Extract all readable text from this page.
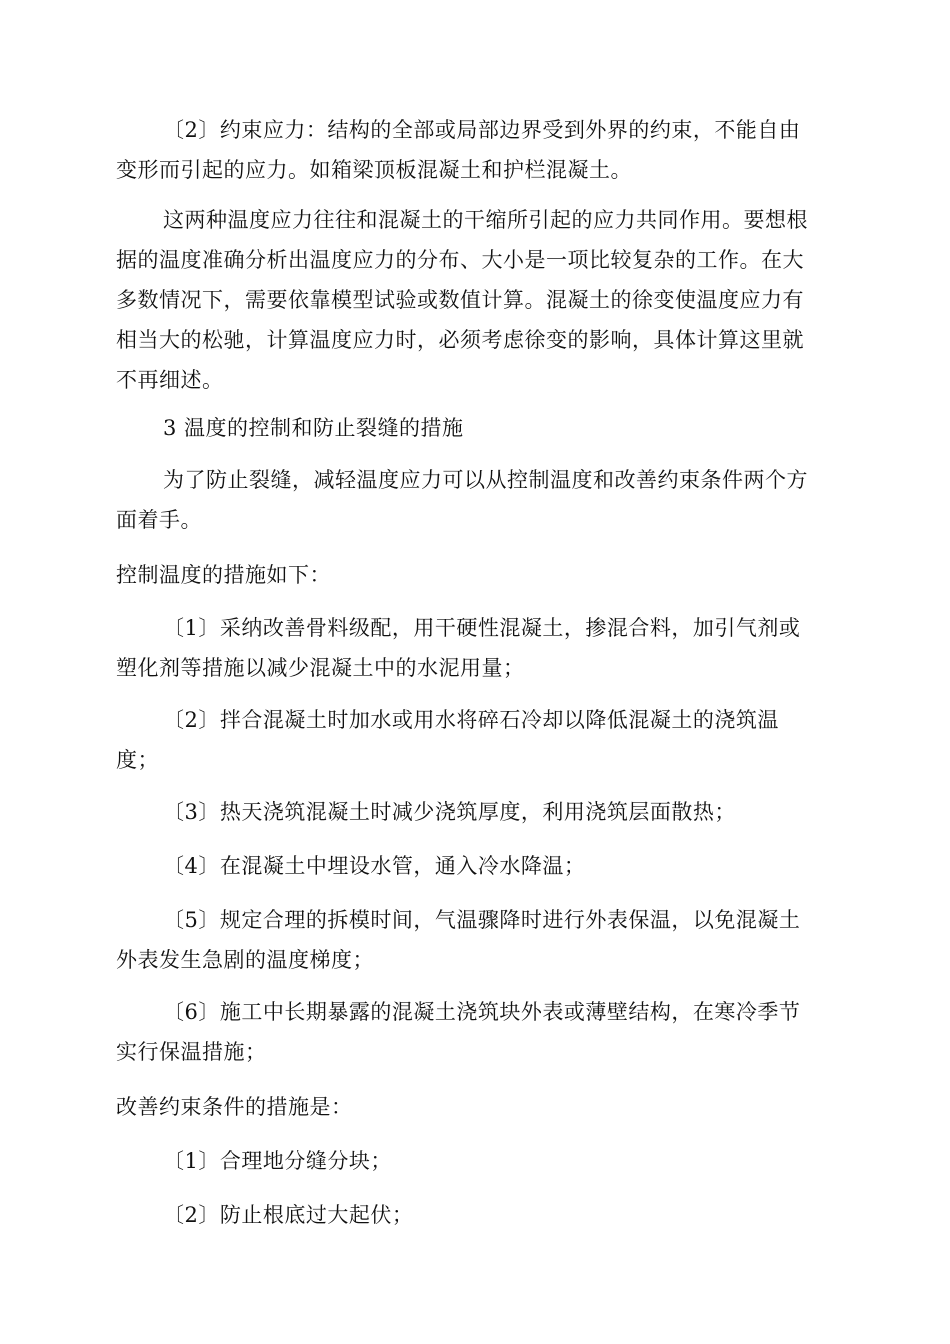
〔2〕约束应力：结构的全部或局部边界受到外界的约束，不能自由
变形而引起的应力。如箱梁顶板混凝土和护栏混凝土。
这两种温度应力往往和混凝土的干缩所引起的应力共同作用。要想根
据的温度准确分析出温度应力的分布、大小是一项比较复杂的工作。在大
多数情况下，需要依靠模型试验或数值计算。混凝土的徐变使温度应力有
相当大的松驰，计算温度应力时，必须考虑徐变的影响，具体计算这里就
不再细述。
3 温度的控制和防止裂缝的措施
为了防止裂缝，减轻温度应力可以从控制温度和改善约束条件两个方
面着手。
控制温度的措施如下：
〔1〕采纳改善骨料级配，用干硬性混凝土，掺混合料，加引气剂或
塑化剂等措施以减少混凝土中的水泥用量；
〔2〕拌合混凝土时加水或用水将碎石冷却以降低混凝土的浇筑温
度；
〔3〕热天浇筑混凝土时减少浇筑厚度，利用浇筑层面散热；
〔4〕在混凝土中埋设水管，通入冷水降温；
〔5〕规定合理的拆模时间，气温骤降时进行外表保温，以免混凝土
外表发生急剧的温度梯度；
〔6〕施工中长期暴露的混凝土浇筑块外表或薄壁结构，在寒冷季节
实行保温措施；
改善约束条件的措施是：
〔1〕合理地分缝分块；
〔2〕防止根底过大起伏；
